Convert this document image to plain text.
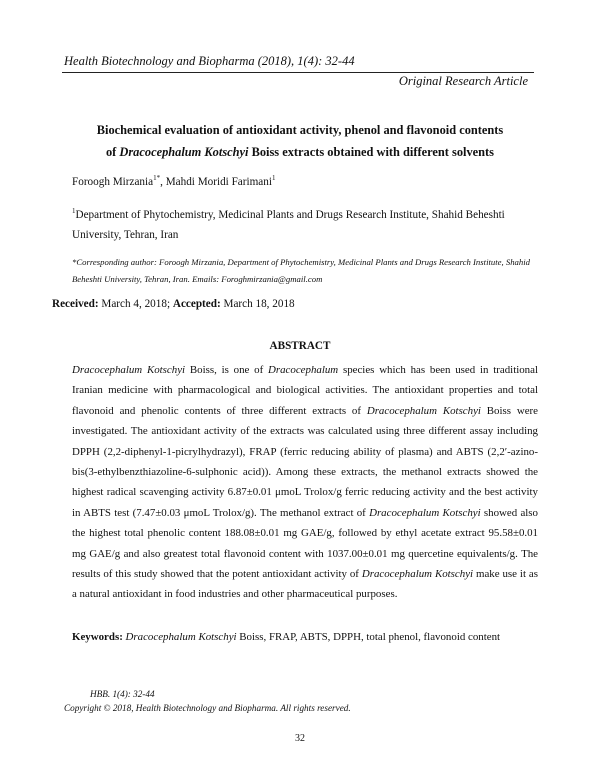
Health Biotechnology and Biopharma (2018), 1(4): 32-44
Original Research Article
Biochemical evaluation of antioxidant activity, phenol and flavonoid contents
of Dracocephalum Kotschyi Boiss extracts obtained with different solvents
Foroogh Mirzania$^{1*}$, Mahdi Moridi Farimani$^1$
$^1$Department of Phytochemistry, Medicinal Plants and Drugs Research Institute, Shahid Beheshti University, Tehran, Iran
*Corresponding author: Foroogh Mirzania, Department of Phytochemistry, Medicinal Plants and Drugs Research Institute, Shahid Beheshti University, Tehran, Iran. Emails: Foroghmirzania@gmail.com
Received: March 4, 2018; Accepted: March 18, 2018
ABSTRACT
Dracocephalum Kotschyi Boiss, is one of Dracocephalum species which has been used in traditional Iranian medicine with pharmacological and biological activities. The antioxidant properties and total flavonoid and phenolic contents of three different extracts of Dracocephalum Kotschyi Boiss were investigated. The antioxidant activity of the extracts was calculated using three different assay including DPPH (2,2-diphenyl-1-picrylhydrazyl), FRAP (ferric reducing ability of plasma) and ABTS (2,2′-azino-bis(3-ethylbenzthiazoline-6-sulphonic acid)). Among these extracts, the methanol extracts showed the highest radical scavenging activity 6.87±0.01 μmoL Trolox/g ferric reducing activity and the best activity in ABTS test (7.47±0.03 μmoL Trolox/g). The methanol extract of Dracocephalum Kotschyi showed also the highest total phenolic content 188.08±0.01 mg GAE/g, followed by ethyl acetate extract 95.58±0.01 mg GAE/g and also greatest total flavonoid content with 1037.00±0.01 mg quercetine equivalents/g. The results of this study showed that the potent antioxidant activity of Dracocephalum Kotschyi make use it as a natural antioxidant in food industries and other pharmaceutical purposes.
Keywords: Dracocephalum Kotschyi Boiss, FRAP, ABTS, DPPH, total phenol, flavonoid content
HBB. 1(4): 32-44
Copyright © 2018, Health Biotechnology and Biopharma. All rights reserved.
32
